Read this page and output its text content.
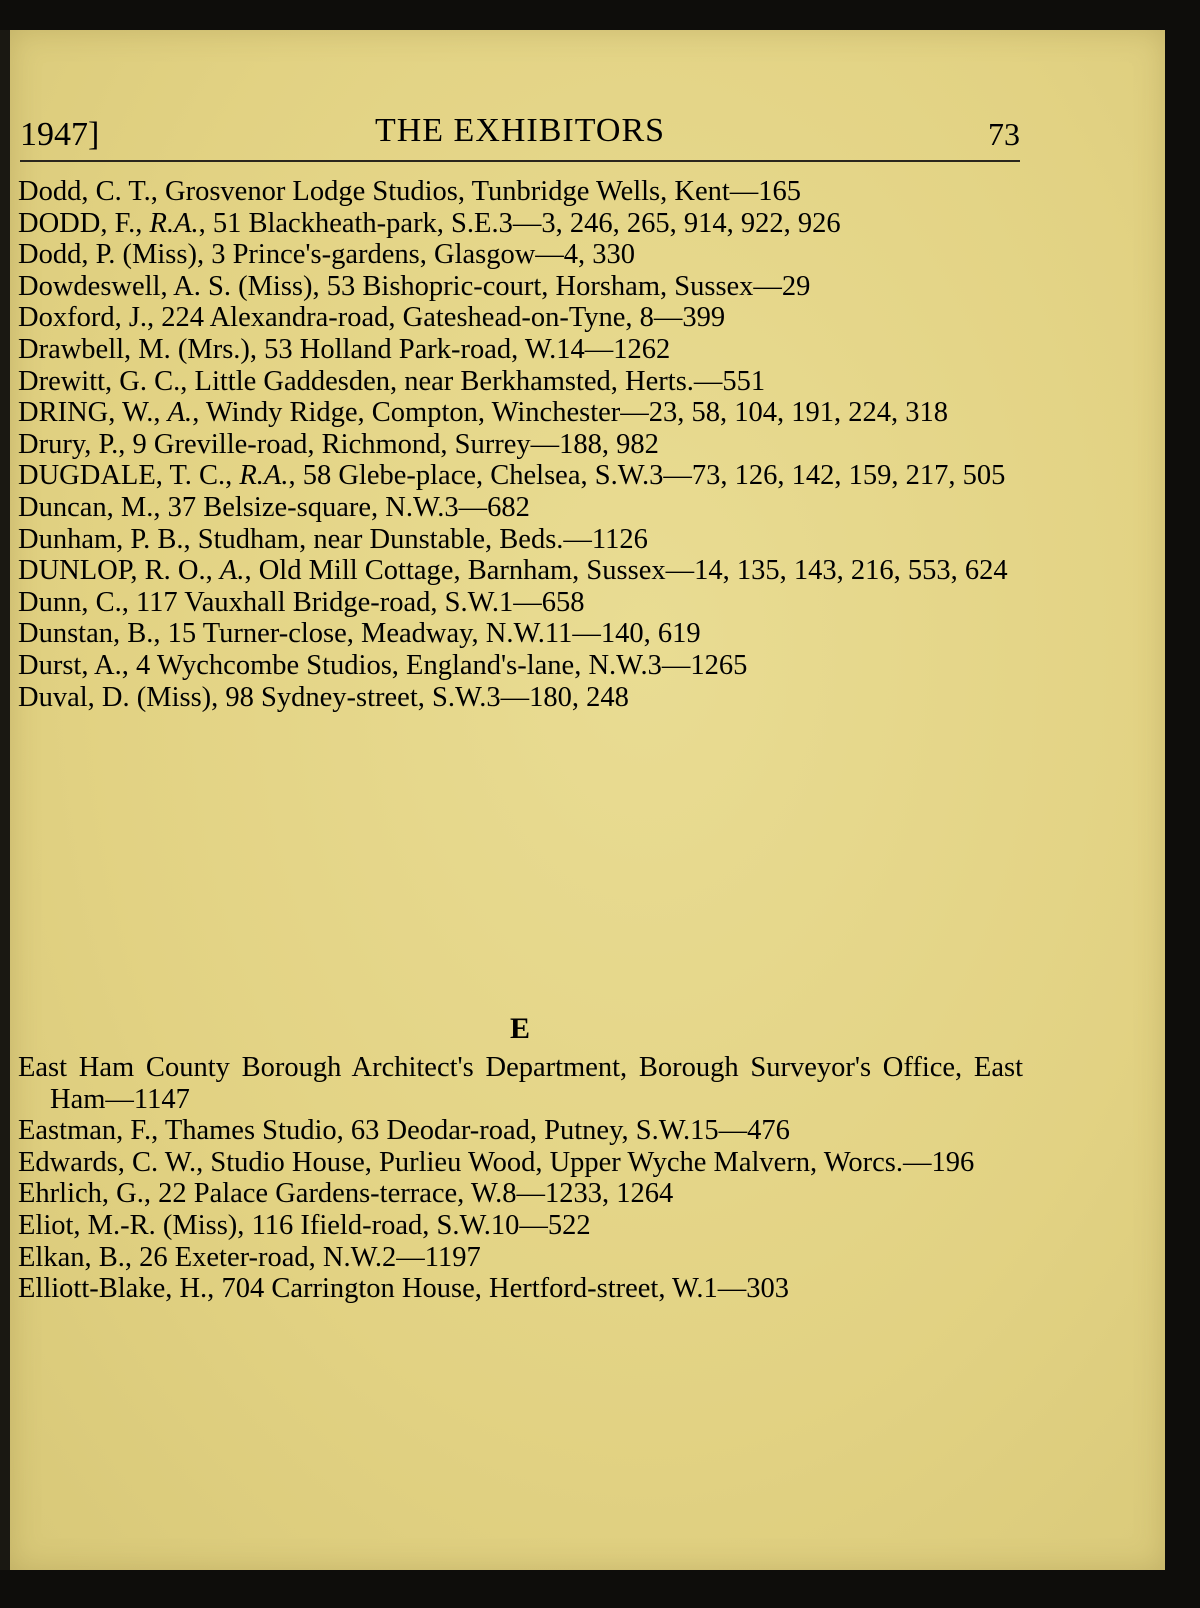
1947]	THE EXHIBITORS	73
Dodd, C. T., Grosvenor Lodge Studios, Tunbridge Wells, Kent—165
DODD, F., R.A., 51 Blackheath-park, S.E.3—3, 246, 265, 914, 922, 926
Dodd, P. (Miss), 3 Prince's-gardens, Glasgow—4, 330
Dowdeswell, A. S. (Miss), 53 Bishopric-court, Horsham, Sussex—29
Doxford, J., 224 Alexandra-road, Gateshead-on-Tyne, 8—399
Drawbell, M. (Mrs.), 53 Holland Park-road, W.14—1262
Drewitt, G. C., Little Gaddesden, near Berkhamsted, Herts.—551
DRING, W., A., Windy Ridge, Compton, Winchester—23, 58, 104, 191, 224, 318
Drury, P., 9 Greville-road, Richmond, Surrey—188, 982
DUGDALE, T. C., R.A., 58 Glebe-place, Chelsea, S.W.3—73, 126, 142, 159, 217, 505
Duncan, M., 37 Belsize-square, N.W.3—682
Dunham, P. B., Studham, near Dunstable, Beds.—1126
DUNLOP, R. O., A., Old Mill Cottage, Barnham, Sussex—14, 135, 143, 216, 553, 624
Dunn, C., 117 Vauxhall Bridge-road, S.W.1—658
Dunstan, B., 15 Turner-close, Meadway, N.W.11—140, 619
Durst, A., 4 Wychcombe Studios, England's-lane, N.W.3—1265
Duval, D. (Miss), 98 Sydney-street, S.W.3—180, 248
E
East Ham County Borough Architect's Department, Borough Surveyor's Office, East Ham—1147
Eastman, F., Thames Studio, 63 Deodar-road, Putney, S.W.15—476
Edwards, C. W., Studio House, Purlieu Wood, Upper Wyche Malvern, Worcs.—196
Ehrlich, G., 22 Palace Gardens-terrace, W.8—1233, 1264
Eliot, M.-R. (Miss), 116 Ifield-road, S.W.10—522
Elkan, B., 26 Exeter-road, N.W.2—1197
Elliott-Blake, H., 704 Carrington House, Hertford-street, W.1—303
